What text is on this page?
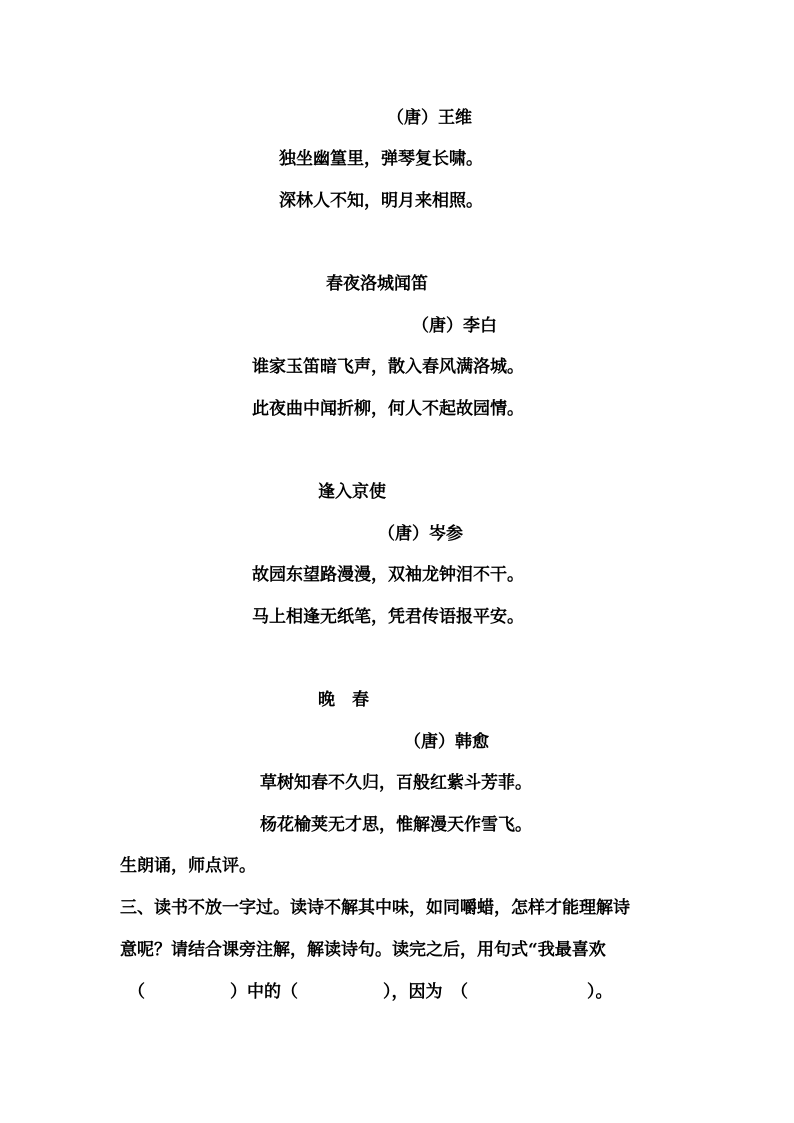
（唐）王维
独坐幽篁里，弹琴复长啸。
深林人不知，明月来相照。
春夜洛城闻笛
（唐）李白
谁家玉笛暗飞声，散入春风满洛城。
此夜曲中闻折柳，何人不起故园情。
逢入京使
（唐）岑参
故园东望路漫漫，双袖龙钟泪不干。
马上相逢无纸笔，凭君传语报平安。
晚　春
（唐）韩愈
草树知春不久归，百般红紫斗芳菲。
杨花榆荚无才思，惟解漫天作雪飞。
生朗诵，师点评。
三、读书不放一字过。读诗不解其中味，如同嚼蜡，怎样才能理解诗
意呢？请结合课旁注解，解读诗句。读完之后，用句式“我最喜欢
（　　　　　）中的（　　　　　），因为　（　　　　　　　）。
